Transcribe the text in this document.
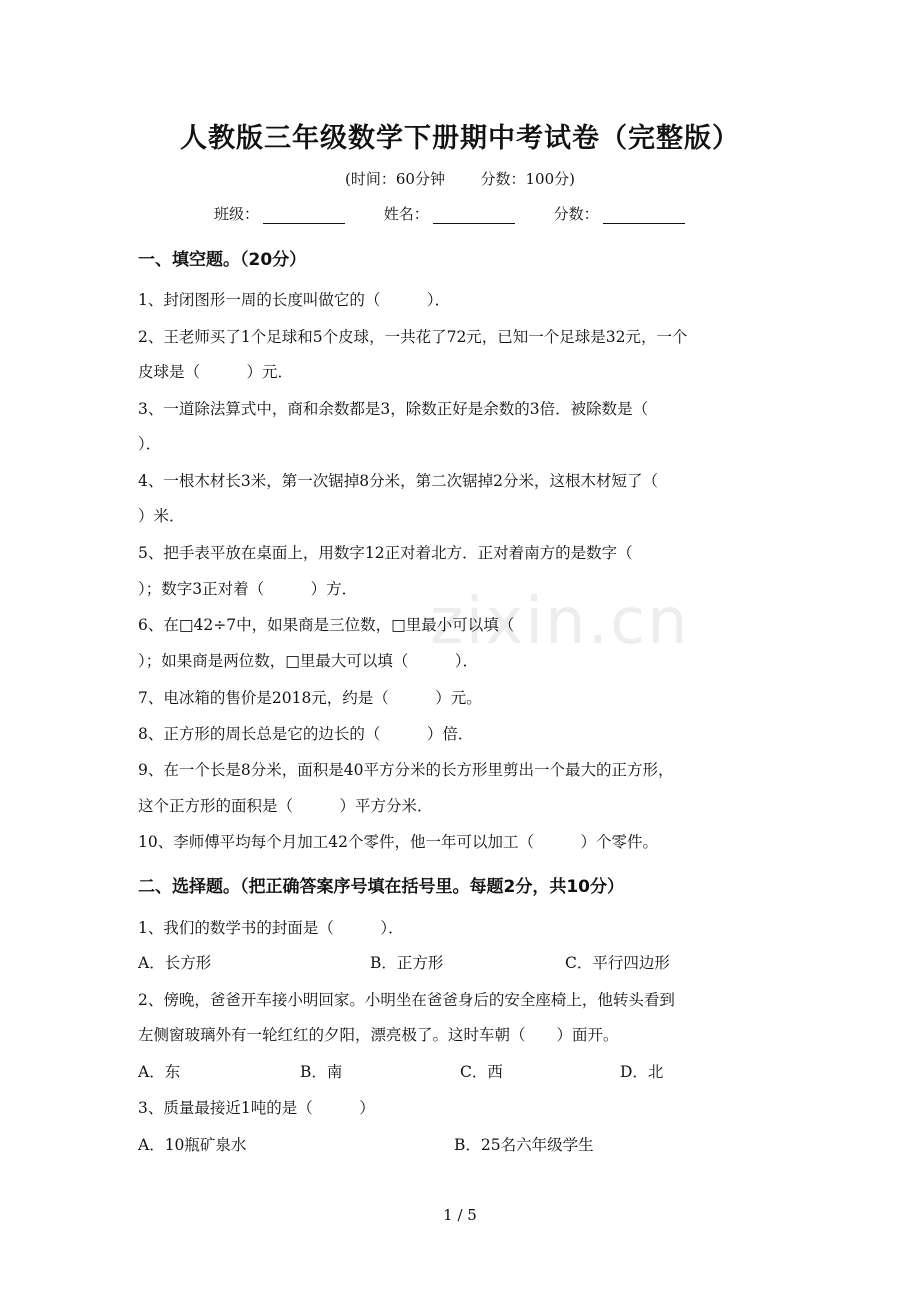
zixin.cn
人教版三年级数学下册期中考试卷（完整版）
(时间：60分钟 分数：100分)
班级：	姓名：	分数：
一、填空题。（20分）
1、封闭图形一周的长度叫做它的（　　　）．
2、王老师买了1个足球和5个皮球，一共花了72元，已知一个足球是32元，一个
皮球是（　　　）元．
3、一道除法算式中，商和余数都是3，除数正好是余数的3倍．被除数是（
）．
4、一根木材长3米，第一次锯掉8分米，第二次锯掉2分米，这根木材短了（
）米．
5、把手表平放在桌面上，用数字12正对着北方．正对着南方的是数字（
）；数字3正对着（　　　）方．
6、在□42÷7中，如果商是三位数，□里最小可以填（
）；如果商是两位数，□里最大可以填（　　　）．
7、电冰箱的售价是2018元，约是（　　　）元。
8、正方形的周长总是它的边长的（　　　）倍．
9、在一个长是8分米，面积是40平方分米的长方形里剪出一个最大的正方形，
这个正方形的面积是（　　　）平方分米．
10、李师傅平均每个月加工42个零件，他一年可以加工（　　　）个零件。
二、选择题。（把正确答案序号填在括号里。每题2分，共10分）
1、我们的数学书的封面是（　　　）．
A．长方形	B．正方形	C．平行四边形
2、傍晚，爸爸开车接小明回家。小明坐在爸爸身后的安全座椅上，他转头看到
左侧窗玻璃外有一轮红红的夕阳，漂亮极了。这时车朝（　　）面开。
A．东	B．南	C．西	D．北
3、质量最接近1吨的是（　　　）
A．10瓶矿泉水	B．25名六年级学生
1 / 5
